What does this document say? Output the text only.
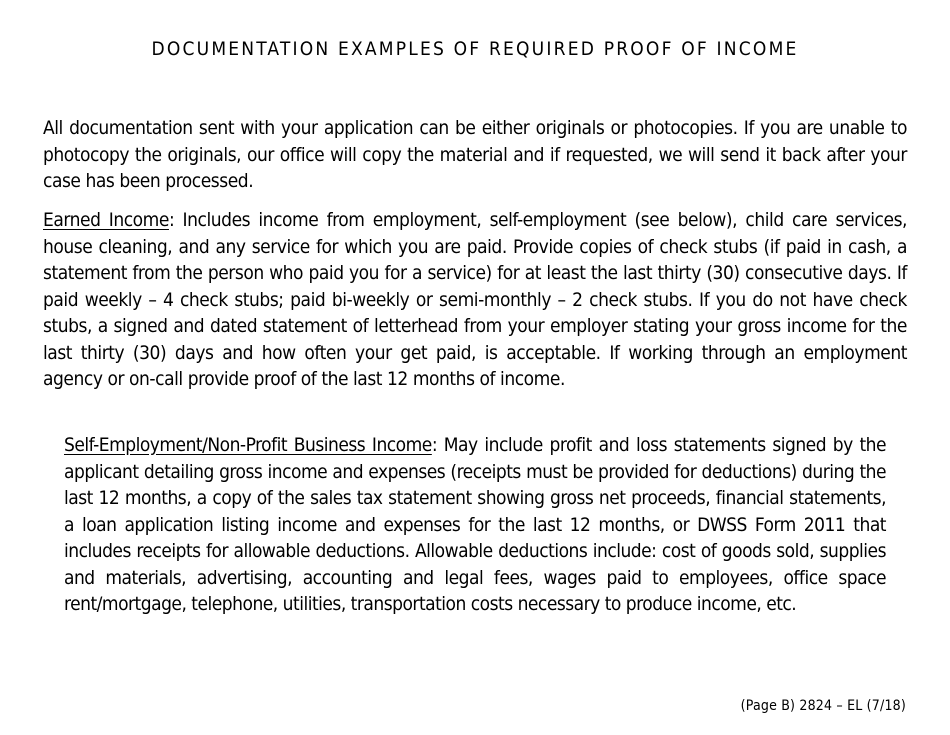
DOCUMENTATION EXAMPLES OF REQUIRED PROOF OF INCOME
All documentation sent with your application can be either originals or photocopies. If you are unable to photocopy the originals, our office will copy the material and if requested, we will send it back after your case has been processed.
Earned Income: Includes income from employment, self-employment (see below), child care services, house cleaning, and any service for which you are paid. Provide copies of check stubs (if paid in cash, a statement from the person who paid you for a service) for at least the last thirty (30) consecutive days. If paid weekly – 4 check stubs; paid bi-weekly or semi-monthly – 2 check stubs. If you do not have check stubs, a signed and dated statement of letterhead from your employer stating your gross income for the last thirty (30) days and how often your get paid, is acceptable. If working through an employment agency or on-call provide proof of the last 12 months of income.
Self-Employment/Non-Profit Business Income: May include profit and loss statements signed by the applicant detailing gross income and expenses (receipts must be provided for deductions) during the last 12 months, a copy of the sales tax statement showing gross net proceeds, financial statements, a loan application listing income and expenses for the last 12 months, or DWSS Form 2011 that includes receipts for allowable deductions. Allowable deductions include: cost of goods sold, supplies and materials, advertising, accounting and legal fees, wages paid to employees, office space rent/mortgage, telephone, utilities, transportation costs necessary to produce income, etc.
(Page B) 2824 – EL (7/18)
